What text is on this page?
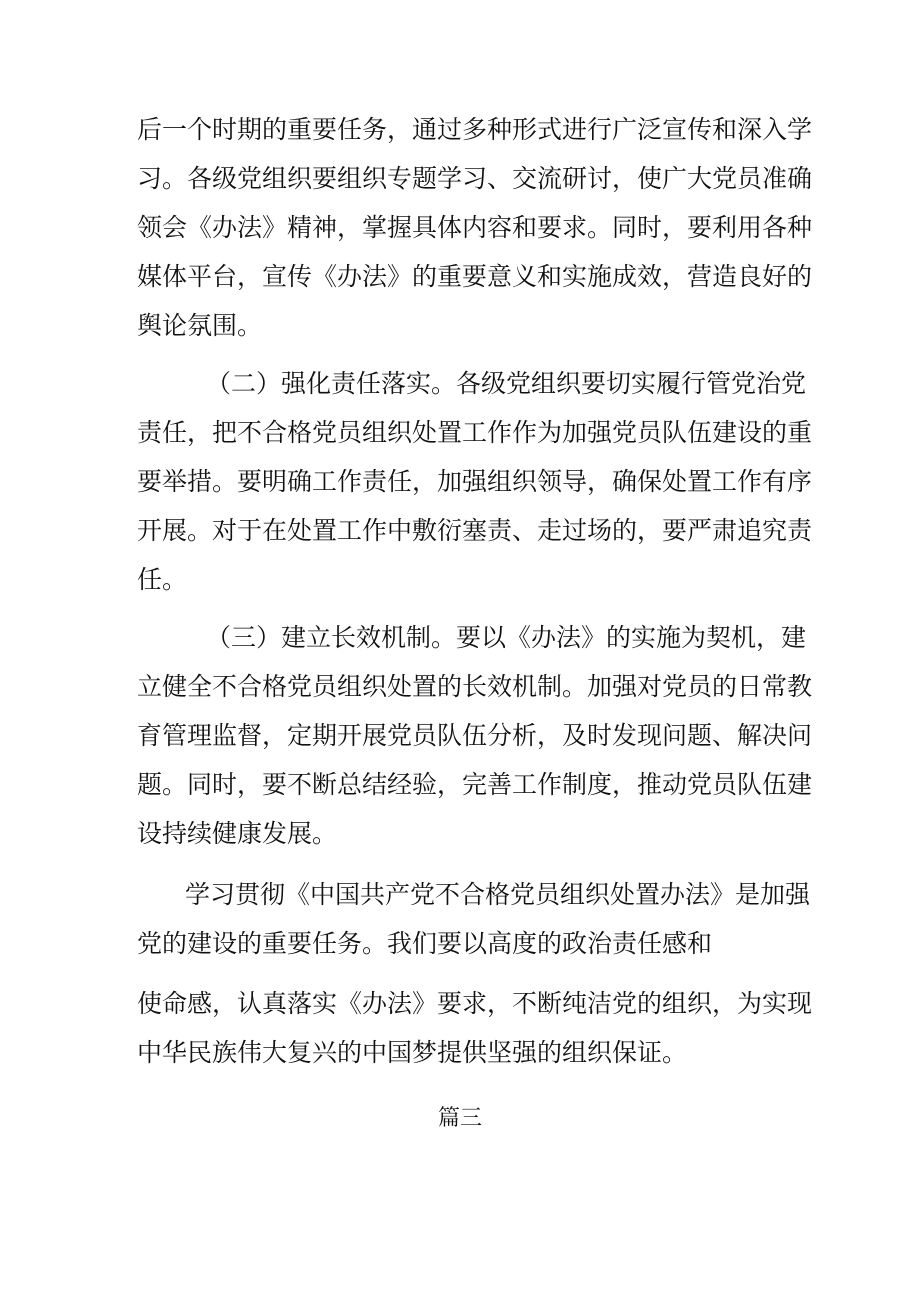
后一个时期的重要任务，通过多种形式进行广泛宣传和深入学
习。各级党组织要组织专题学习、交流研讨，使广大党员准确
领会《办法》精神，掌握具体内容和要求。同时，要利用各种
媒体平台，宣传《办法》的重要意义和实施成效，营造良好的
舆论氛围。
（二）强化责任落实。各级党组织要切实履行管党治党
责任，把不合格党员组织处置工作作为加强党员队伍建设的重
要举措。要明确工作责任，加强组织领导，确保处置工作有序
开展。对于在处置工作中敷衍塞责、走过场的，要严肃追究责
任。
（三）建立长效机制。要以《办法》的实施为契机，建
立健全不合格党员组织处置的长效机制。加强对党员的日常教
育管理监督，定期开展党员队伍分析，及时发现问题、解决问
题。同时，要不断总结经验，完善工作制度，推动党员队伍建
设持续健康发展。
学习贯彻《中国共产党不合格党员组织处置办法》是加强
党的建设的重要任务。我们要以高度的政治责任感和
使命感，认真落实《办法》要求，不断纯洁党的组织，为实现
中华民族伟大复兴的中国梦提供坚强的组织保证。
篇三
